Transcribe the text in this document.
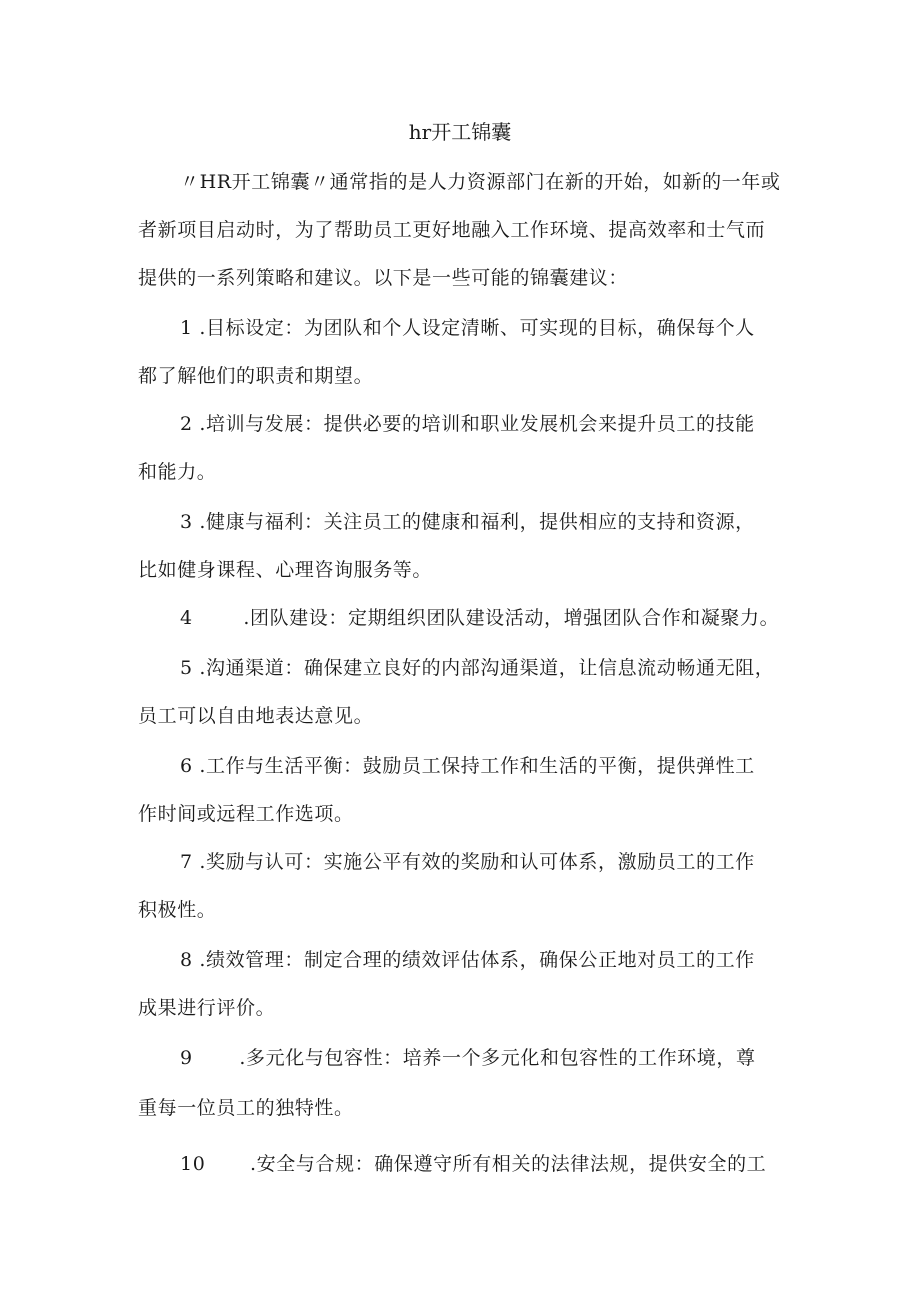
hr开工锦囊
〃HR开工锦囊〃通常指的是人力资源部门在新的开始，如新的一年或
者新项目启动时，为了帮助员工更好地融入工作环境、提高效率和士气而
提供的一系列策略和建议。以下是一些可能的锦囊建议：
1 .目标设定：为团队和个人设定清晰、可实现的目标，确保每个人
都了解他们的职责和期望。
2 .培训与发展：提供必要的培训和职业发展机会来提升员工的技能
和能力。
3 .健康与福利：关注员工的健康和福利，提供相应的支持和资源，
比如健身课程、心理咨询服务等。
4	.团队建设：定期组织团队建设活动，增强团队合作和凝聚力。
5 .沟通渠道：确保建立良好的内部沟通渠道，让信息流动畅通无阻，
员工可以自由地表达意见。
6 .工作与生活平衡：鼓励员工保持工作和生活的平衡，提供弹性工
作时间或远程工作选项。
7 .奖励与认可：实施公平有效的奖励和认可体系，激励员工的工作
积极性。
8 .绩效管理：制定合理的绩效评估体系，确保公正地对员工的工作
成果进行评价。
9 .多元化与包容性：培养一个多元化和包容性的工作环境，尊
重每一位员工的独特性。
10 .安全与合规：确保遵守所有相关的法律法规，提供安全的工
